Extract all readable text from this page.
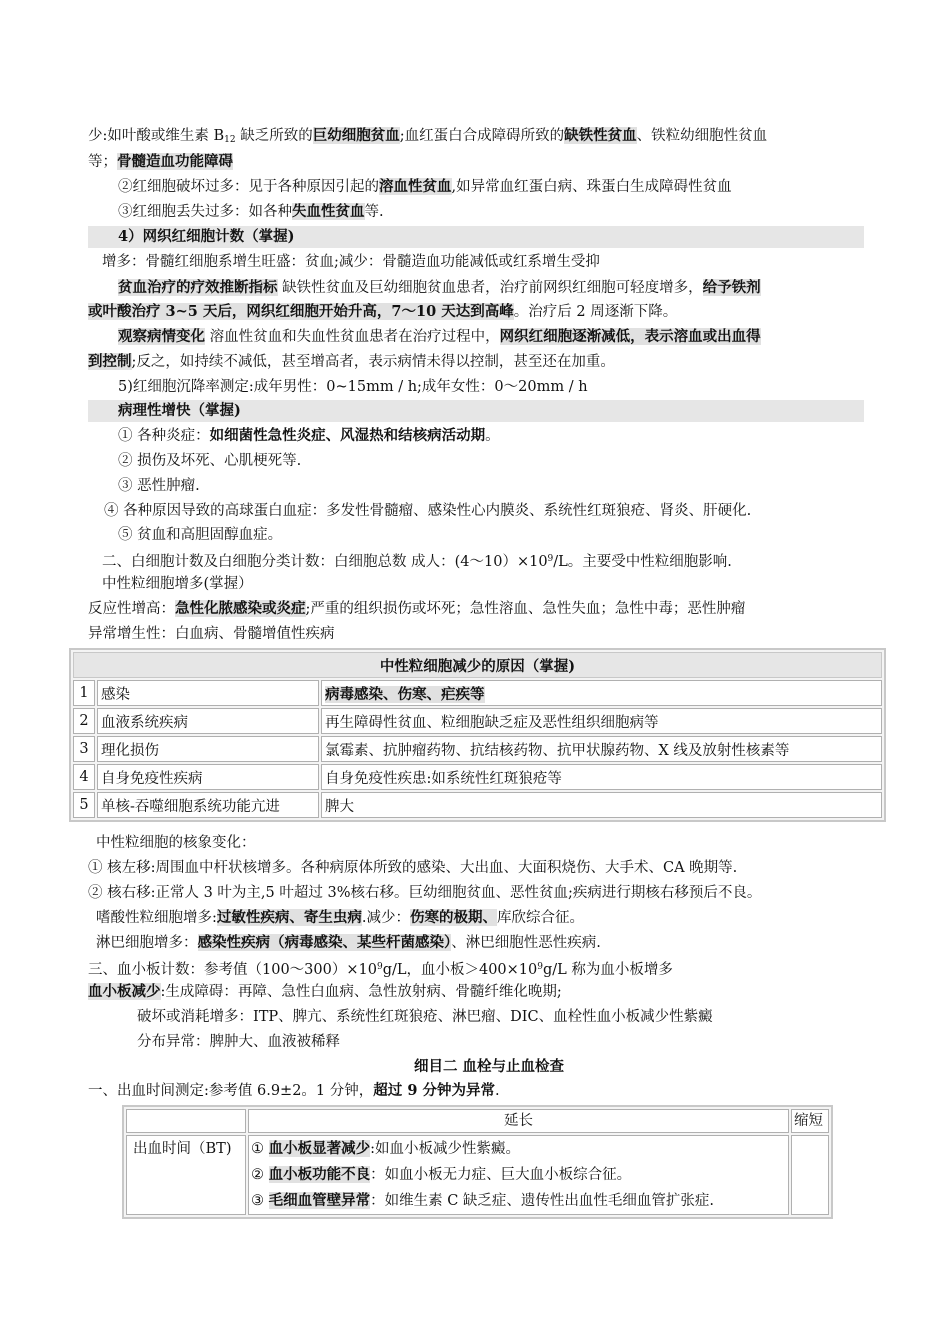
少:如叶酸或维生素 $B_{12}$ 缺乏所致的巨幼细胞贫血;血红蛋白合成障碍所致的缺铁性贫血、铁粒幼细胞性贫血
等；骨髓造血功能障碍
②红细胞破坏过多：见于各种原因引起的溶血性贫血,如异常血红蛋白病、珠蛋白生成障碍性贫血
③红细胞丢失过多：如各种失血性贫血等.
4）网织红细胞计数（掌握)
增多：骨髓红细胞系增生旺盛：贫血;减少：骨髓造血功能减低或红系增生受抑
贫血治疗的疗效推断指标 缺铁性贫血及巨幼细胞贫血患者，治疗前网织红细胞可轻度增多，给予铁剂
或叶酸治疗 3~5 天后，网织红细胞开始升高，7～10 天达到高峰。治疗后 2 周逐渐下降。
观察病情变化 溶血性贫血和失血性贫血患者在治疗过程中，网织红细胞逐渐减低，表示溶血或出血得
到控制;反之，如持续不减低，甚至增高者，表示病情未得以控制，甚至还在加重。
5)红细胞沉降率测定:成年男性：0~15mm / h;成年女性：0～20mm / h
病理性增快（掌握)
① 各种炎症：如细菌性急性炎症、风湿热和结核病活动期。
② 损伤及坏死、心肌梗死等.
③ 恶性肿瘤.
④ 各种原因导致的高球蛋白血症：多发性骨髓瘤、感染性心内膜炎、系统性红斑狼疮、肾炎、肝硬化.
⑤ 贫血和高胆固醇血症。
二、白细胞计数及白细胞分类计数：白细胞总数 成人：$(4\sim 10)\times 10^9/L$。主要受中性粒细胞影响.
中性粒细胞增多(掌握）
反应性增高：急性化脓感染或炎症;严重的组织损伤或坏死；急性溶血、急性失血；急性中毒；恶性肿瘤
异常增生性：白血病、骨髓增值性疾病
中性粒细胞减少的原因（掌握)		
1	感染	病毒感染、伤寒、疟疾等
2	血液系统疾病	再生障碍性贫血、粒细胞缺乏症及恶性组织细胞病等
3	理化损伤	氯霉素、抗肿瘤药物、抗结核药物、抗甲状腺药物、X 线及放射性核素等
4	自身免疫性疾病	自身免疫性疾患:如系统性红斑狼疮等
5	单核-吞噬细胞系统功能亢进	脾大
中性粒细胞的核象变化：
① 核左移:周围血中杆状核增多。各种病原体所致的感染、大出血、大面积烧伤、大手术、CA 晚期等.
② 核右移:正常人 3 叶为主,5 叶超过 3%核右移。巨幼细胞贫血、恶性贫血;疾病进行期核右移预后不良。
嗜酸性粒细胞增多:过敏性疾病、寄生虫病.减少：伤寒的极期、库欣综合征。
淋巴细胞增多：感染性疾病（病毒感染、某些杆菌感染）、淋巴细胞性恶性疾病.
三、血小板计数：参考值$(100\sim 300)\times 10^9g/L$，血小板$>400\times 10^9g/L$ 称为血小板增多
血小板减少:生成障碍：再障、急性白血病、急性放射病、骨髓纤维化晚期;
破坏或消耗增多：ITP、脾亢、系统性红斑狼疮、淋巴瘤、DIC、血栓性血小板减少性紫癜
分布异常：脾肿大、血液被稀释
细目二 血栓与止血检查
一、出血时间测定:参考值 6.9±2。1 分钟，超过 9 分钟为异常.
	延长	缩短
出血时间（BT)	① 血小板显著减少:如血小板减少性紫癜。
② 血小板功能不良：如血小板无力症、巨大血小板综合征。
③ 毛细血管壁异常：如维生素 C 缺乏症、遗传性出血性毛细血管扩张症.	
